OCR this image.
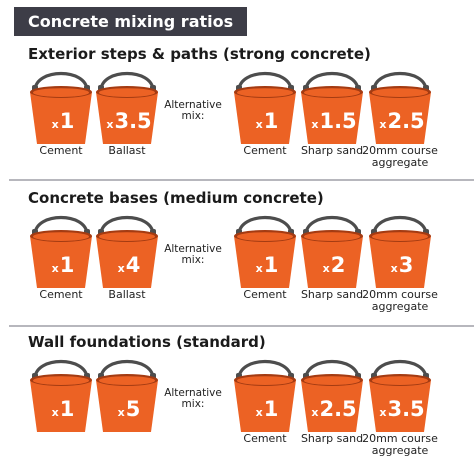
Concrete mixing ratios
Exterior steps & paths (strong concrete)
x 1
Cement
x 3.5
Ballast
x 1
Cement
x 1.5
Sharp sand
x 2.5
20mm course aggregate
Alternative
mix:
Concrete bases (medium concrete)
x 1
Cement
x 4
Ballast
x 1
Cement
x 2
Sharp sand
x 3
20mm course aggregate
Alternative
mix:
Wall foundations (standard)
x 1	x 5	x 1
Cement
x 2.5
Sharp sand
x 3.5
20mm course aggregate
Alternative
mix:
